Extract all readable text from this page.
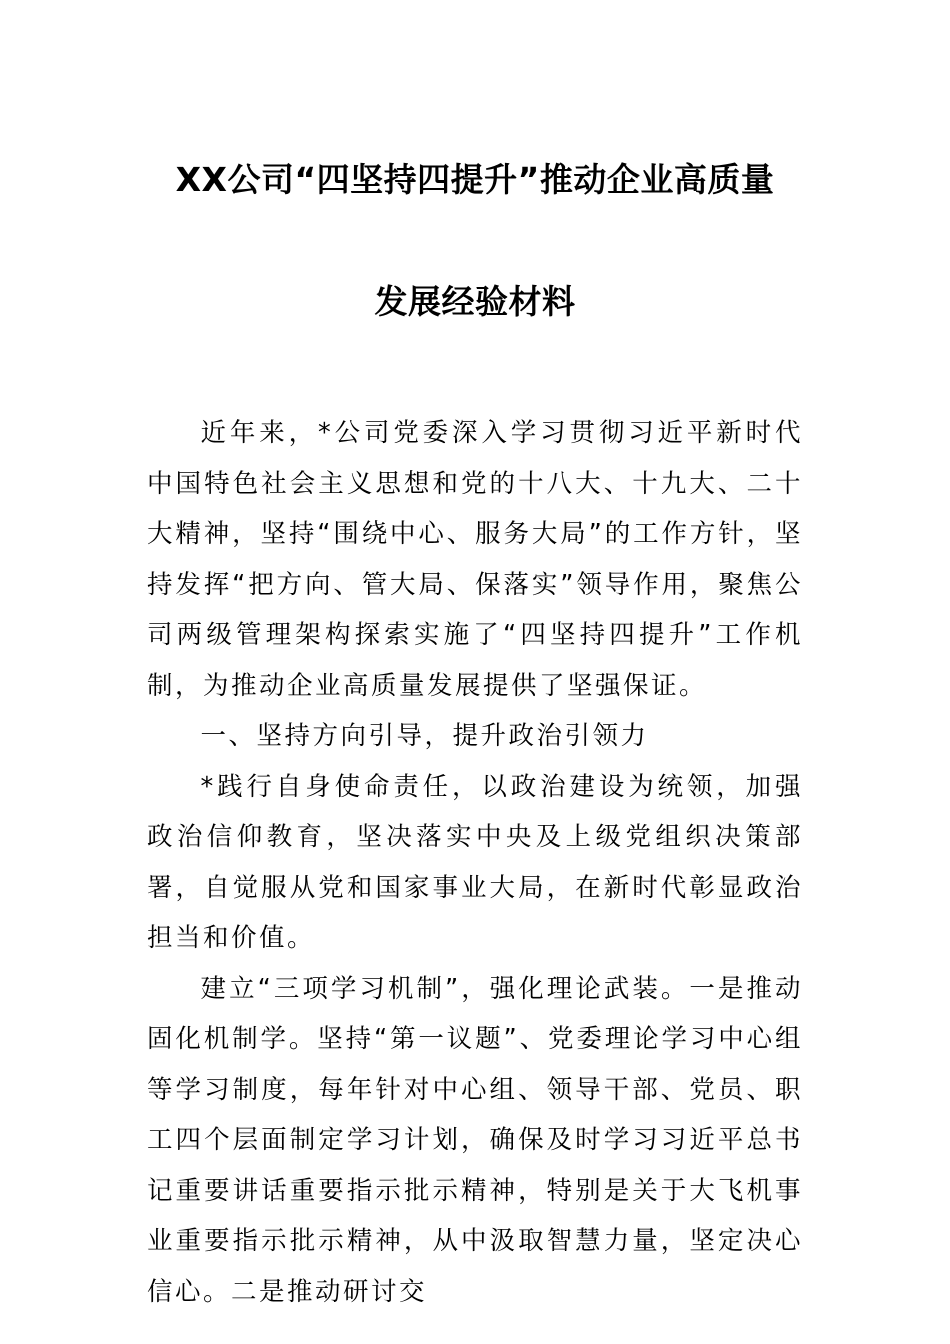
XX公司“四坚持四提升”推动企业高质量
发展经验材料

近年来，*公司党委深入学习贯彻习近平新时代中国特色社会主义思想和党的十八大、十九大、二十大精神，坚持“围绕中心、服务大局”的工作方针，坚持发挥“把方向、管大局、保落实”领导作用，聚焦公司两级管理架构探索实施了“四坚持四提升”工作机制，为推动企业高质量发展提供了坚强保证。

一、坚持方向引导，提升政治引领力

*践行自身使命责任，以政治建设为统领，加强政治信仰教育，坚决落实中央及上级党组织决策部署，自觉服从党和国家事业大局，在新时代彰显政治担当和价值。

建立“三项学习机制”，强化理论武装。一是推动固化机制学。坚持“第一议题”、党委理论学习中心组等学习制度，每年针对中心组、领导干部、党员、职工四个层面制定学习计划，确保及时学习习近平总书记重要讲话重要指示批示精神，特别是关于大飞机事业重要指示批示精神，从中汲取智慧力量，坚定决心信心。二是推动研讨交
